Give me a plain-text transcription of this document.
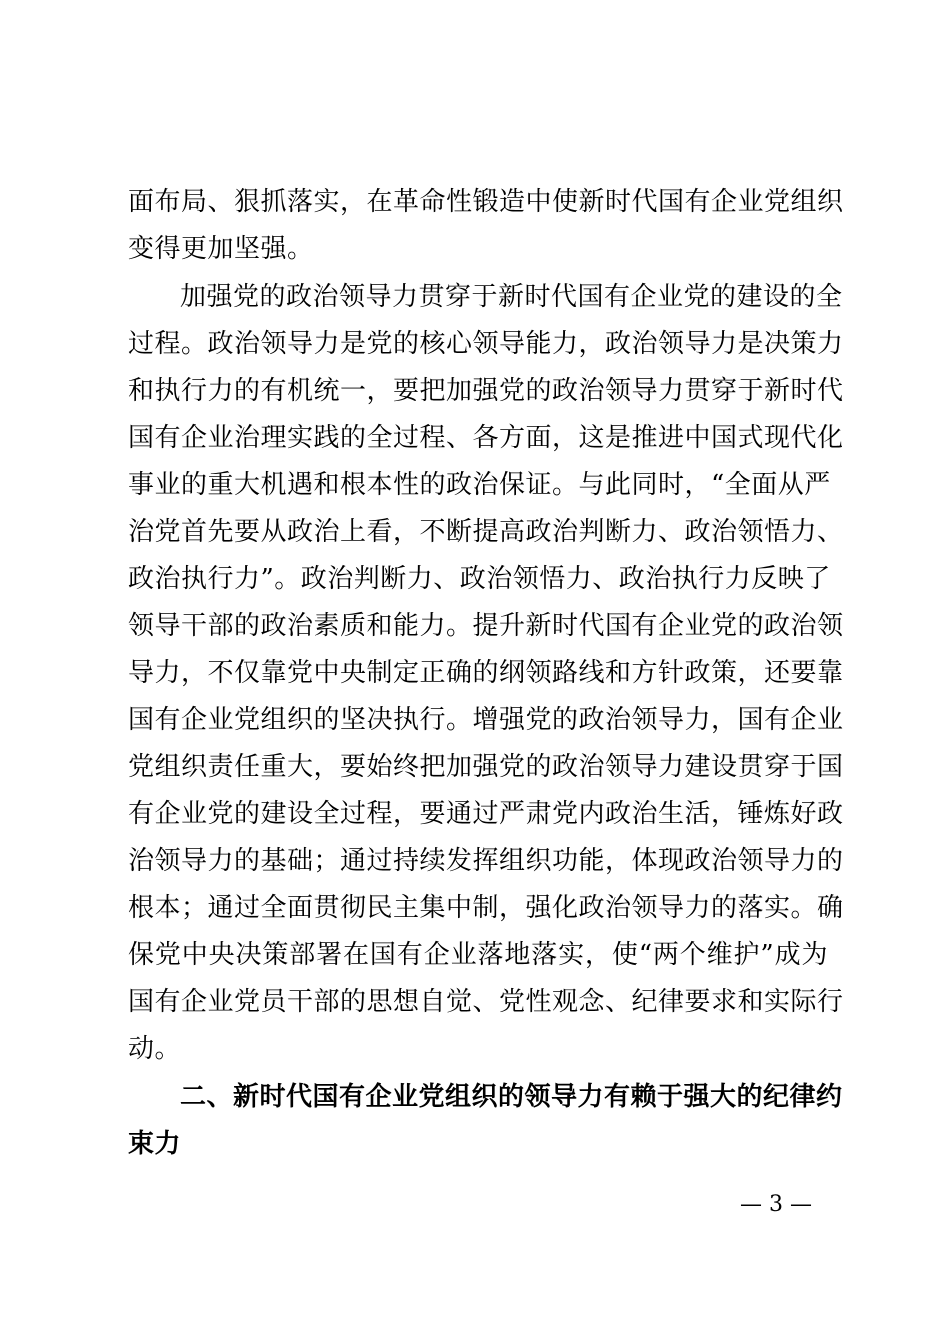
面布局、狠抓落实，在革命性锻造中使新时代国有企业党组织
变得更加坚强。
加强党的政治领导力贯穿于新时代国有企业党的建设的全
过程。政治领导力是党的核心领导能力，政治领导力是决策力
和执行力的有机统一，要把加强党的政治领导力贯穿于新时代
国有企业治理实践的全过程、各方面，这是推进中国式现代化
事业的重大机遇和根本性的政治保证。与此同时，“全面从严
治党首先要从政治上看，不断提高政治判断力、政治领悟力、
政治执行力”。政治判断力、政治领悟力、政治执行力反映了
领导干部的政治素质和能力。提升新时代国有企业党的政治领
导力，不仅靠党中央制定正确的纲领路线和方针政策，还要靠
国有企业党组织的坚决执行。增强党的政治领导力，国有企业
党组织责任重大，要始终把加强党的政治领导力建设贯穿于国
有企业党的建设全过程，要通过严肃党内政治生活，锤炼好政
治领导力的基础；通过持续发挥组织功能，体现政治领导力的
根本；通过全面贯彻民主集中制，强化政治领导力的落实。确
保党中央决策部署在国有企业落地落实，使“两个维护”成为
国有企业党员干部的思想自觉、党性观念、纪律要求和实际行
动。
二、新时代国有企业党组织的领导力有赖于强大的纪律约
束力
— 3 —
